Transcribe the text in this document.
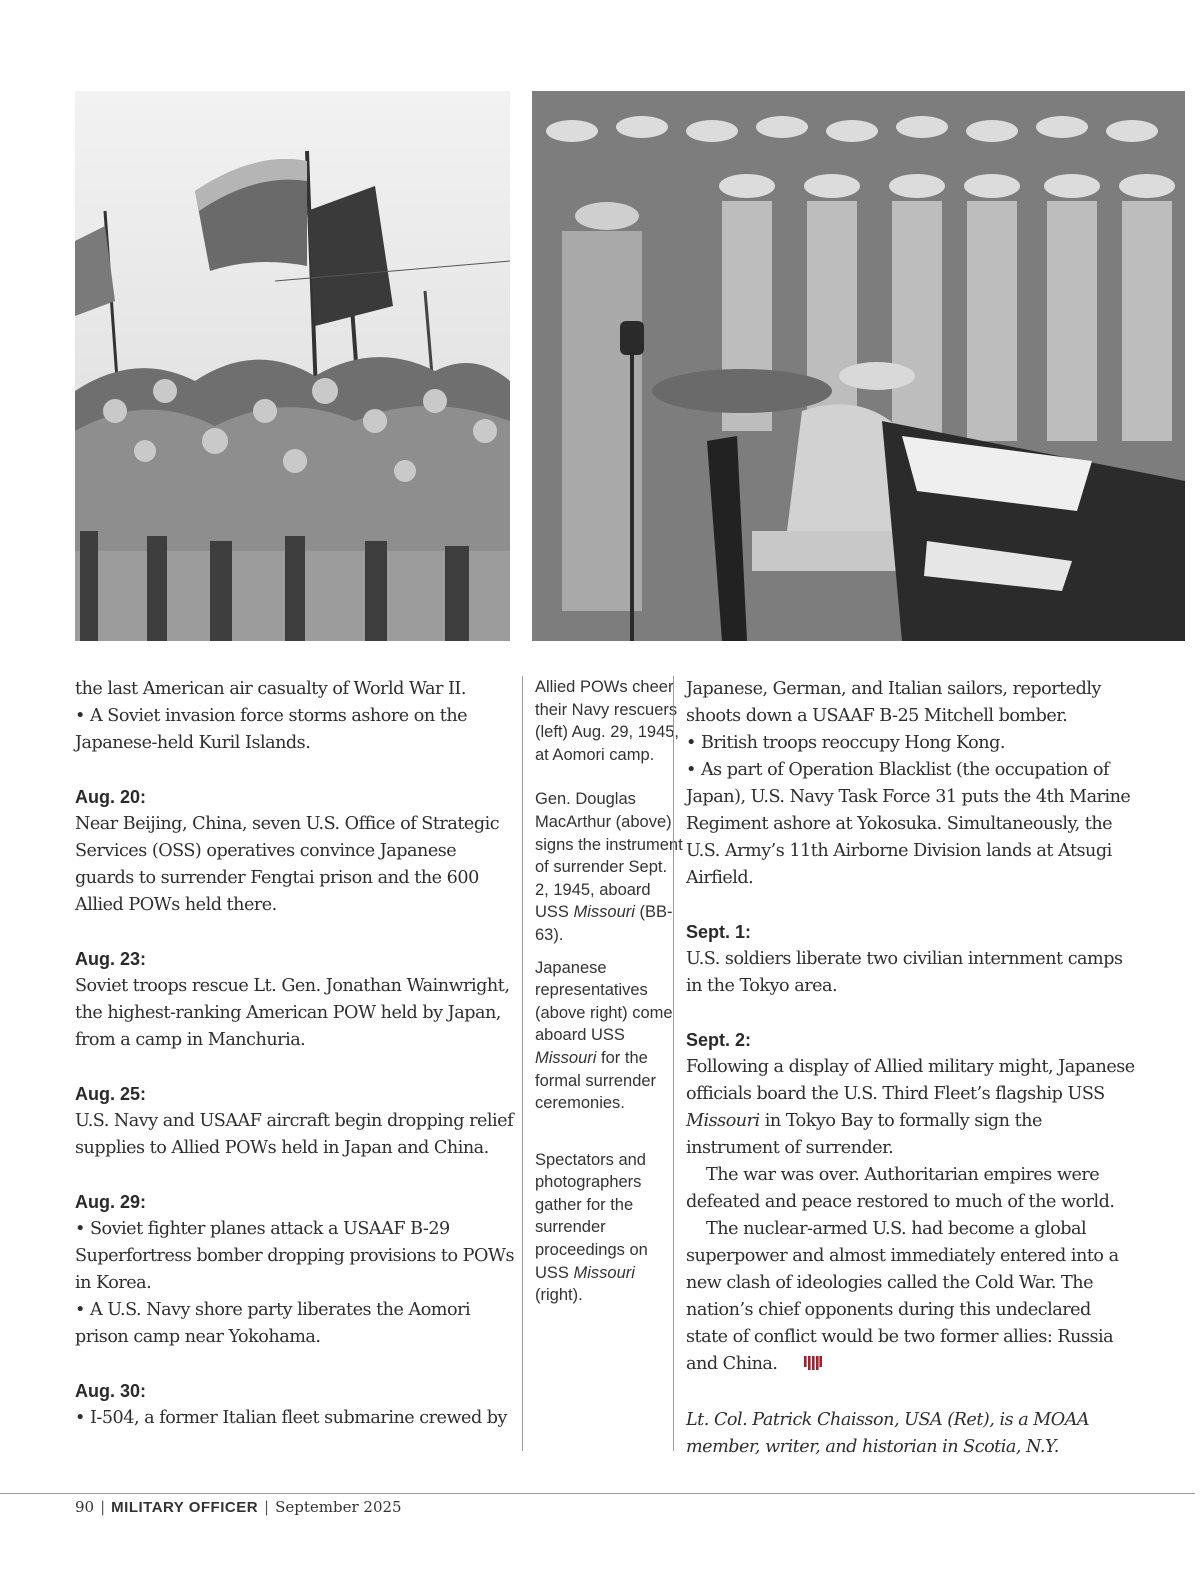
the last American air casualty of World War II.

• A Soviet invasion force storms ashore on the Japanese-held Kuril Islands.

Aug. 20:

Near Beijing, China, seven U.S. Office of Strategic Services (OSS) operatives convince Japanese guards to surrender Fengtai prison and the 600 Allied POWs held there.

Aug. 23:

Soviet troops rescue Lt. Gen. Jonathan Wainwright, the highest-ranking American POW held by Japan, from a camp in Manchuria.

Aug. 25:

U.S. Navy and USAAF aircraft begin dropping relief supplies to Allied POWs held in Japan and China.

Aug. 29:

• Soviet fighter planes attack a USAAF B-29 Superfortress bomber dropping provisions to POWs in Korea.

• A U.S. Navy shore party liberates the Aomori prison camp near Yokohama.

Aug. 30:

• I-504, a former Italian fleet submarine crewed by

Allied POWs cheer their Navy rescuers (left) Aug. 29, 1945, at Aomori camp.

Gen. Douglas MacArthur (above) signs the instrument of surrender Sept. 2, 1945, aboard USS Missouri (BB-63).

Japanese representatives (above right) come aboard USS Missouri for the formal surrender ceremonies.

Spectators and photographers gather for the surrender proceedings on USS Missouri (right).

Japanese, German, and Italian sailors, reportedly shoots down a USAAF B-25 Mitchell bomber.

• British troops reoccupy Hong Kong.

• As part of Operation Blacklist (the occupation of Japan), U.S. Navy Task Force 31 puts the 4th Marine Regiment ashore at Yokosuka. Simultaneously, the U.S. Army’s 11th Airborne Division lands at Atsugi Airfield.

Sept. 1:

U.S. soldiers liberate two civilian internment camps in the Tokyo area.

Sept. 2:

Following a display of Allied military might, Japanese officials board the U.S. Third Fleet’s flagship USS Missouri in Tokyo Bay to formally sign the instrument of surrender.

The war was over. Authoritarian empires were defeated and peace restored to much of the world.

The nuclear-armed U.S. had become a global superpower and almost immediately entered into a new clash of ideologies called the Cold War. The nation’s chief opponents during this undeclared state of conflict would be two former allies: Russia and China.

Lt. Col. Patrick Chaisson, USA (Ret), is a MOAA member, writer, and historian in Scotia, N.Y.

90 | MILITARY OFFICER | September 2025
